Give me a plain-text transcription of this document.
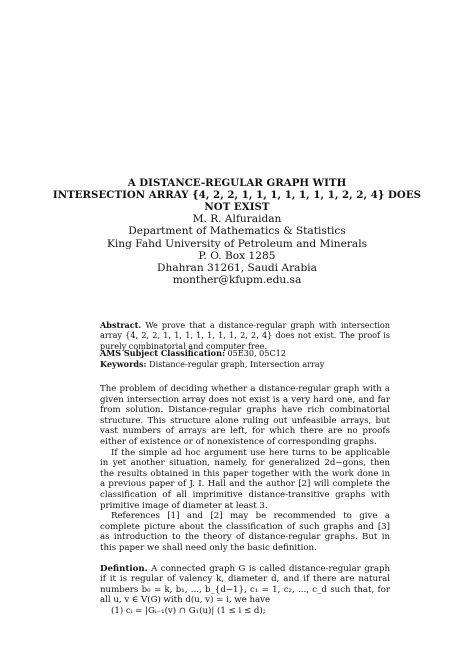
A DISTANCE-REGULAR GRAPH WITH
INTERSECTION ARRAY {4, 2, 2, 1, 1, 1, 1, 1, 1, 1, 2, 2, 4} DOES
NOT EXIST
M. R. Alfuraidan
Department of Mathematics & Statistics
King Fahd University of Petroleum and Minerals
P. O. Box 1285
Dhahran 31261, Saudi Arabia
monther@kfupm.edu.sa
Abstract. We prove that a distance-regular graph with intersection array {4, 2, 2, 1, 1, 1, 1, 1, 1, 1, 2, 2, 4} does not exist. The proof is purely combinatorial and computer free.
AMS Subject Classification: 05E30, 05C12
Keywords: Distance-regular graph, Intersection array

The problem of deciding whether a distance-regular graph with a given intersection array does not exist is a very hard one, and far from solution. Distance-regular graphs have rich combinatorial structure. This structure alone ruling out unfeasible arrays, but vast numbers of arrays are left, for which there are no proofs either of existence or of nonexistence of corresponding graphs.

If the simple ad hoc argument use here turns to be applicable in yet another situation, namely, for generalized 2d−gons, then the results obtained in this paper together with the work done in a previous paper of J. I. Hall and the author [2] will complete the classification of all imprimitive distance-transitive graphs with primitive image of diameter at least 3.

References [1] and [2] may be recommended to give a complete picture about the classification of such graphs and [3] as introduction to the theory of distance-regular graphs. But in this paper we shall need only the basic definition.

Defintion. A connected graph G is called distance-regular graph if it is regular of valency k, diameter d, and if there are natural numbers b₀ = k, b₁, ..., b_{d−1}, c₁ = 1, c₂, ..., c_d such that, for all u, v ∈ V(G) with d(u, v) = i, we have

(1) cᵢ = |Gᵢ₋₁(v) ∩ G₁(u)| (1 ≤ i ≤ d);
